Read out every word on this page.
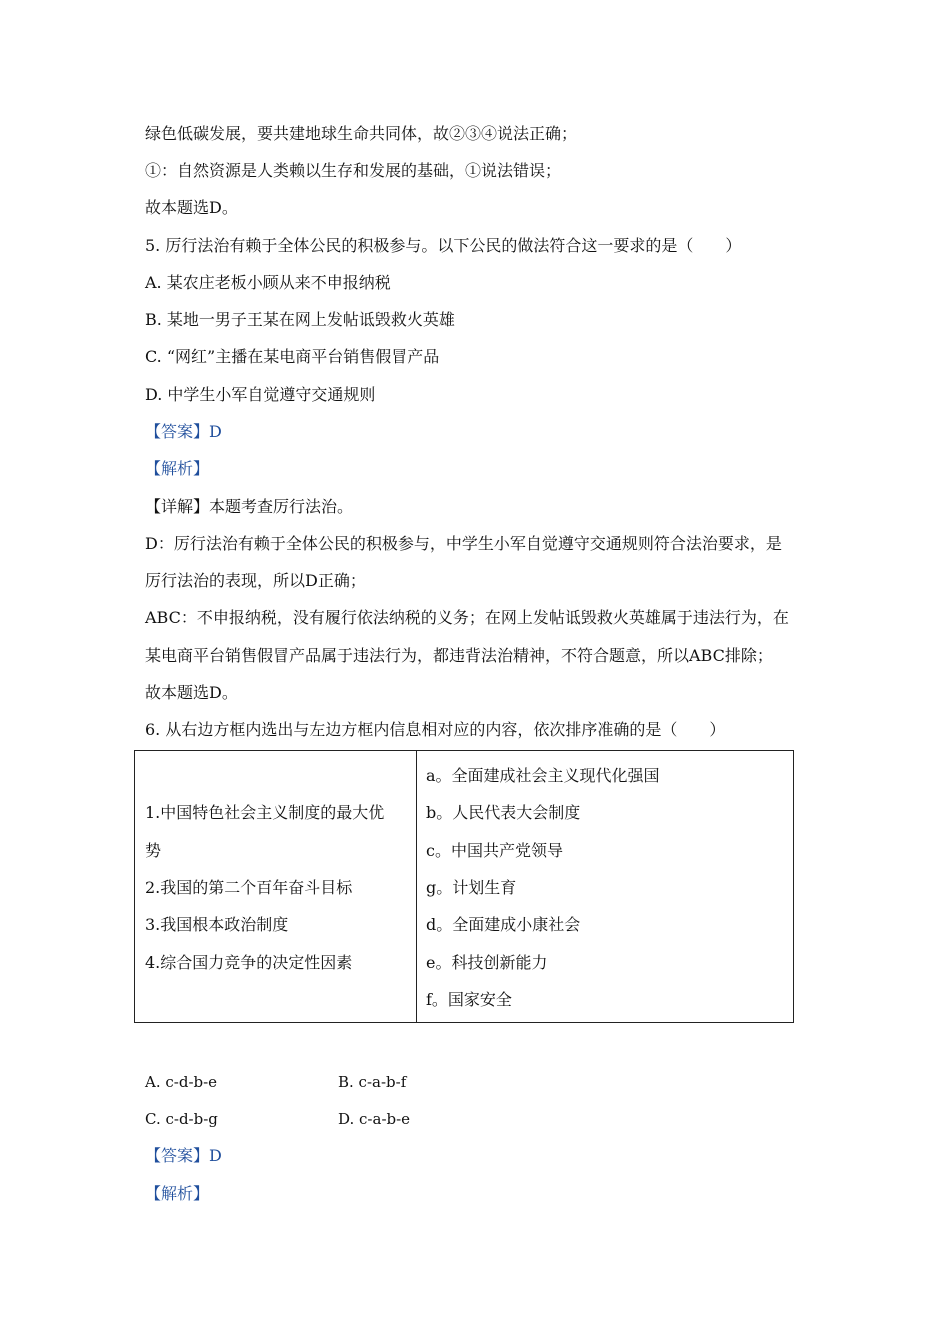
绿色低碳发展，要共建地球生命共同体，故②③④说法正确；
①：自然资源是人类赖以生存和发展的基础，①说法错误；
故本题选D。
5. 厉行法治有赖于全体公民的积极参与。以下公民的做法符合这一要求的是（　　）
A. 某农庄老板小顾从来不申报纳税
B. 某地一男子王某在网上发帖诋毁救火英雄
C. “网红”主播在某电商平台销售假冒产品
D. 中学生小军自觉遵守交通规则
【答案】D
【解析】
【详解】本题考查厉行法治。
D：厉行法治有赖于全体公民的积极参与，中学生小军自觉遵守交通规则符合法治要求，是
厉行法治的表现，所以D正确；
ABC：不申报纳税，没有履行依法纳税的义务；在网上发帖诋毁救火英雄属于违法行为，在
某电商平台销售假冒产品属于违法行为，都违背法治精神，不符合题意，所以ABC排除；
故本题选D。
6. 从右边方框内选出与左边方框内信息相对应的内容，依次排序准确的是（　　）
1.中国特色社会主义制度的最大优
势
2.我国的第二个百年奋斗目标
3.我国根本政治制度
4.综合国力竞争的决定性因素
a。全面建成社会主义现代化强国
b。人民代表大会制度
c。中国共产党领导
g。计划生育
d。全面建成小康社会
e。科技创新能力
f。国家安全
A. c-d-b-e	B. c-a-b-f
C. c-d-b-g	D. c-a-b-e
【答案】D
【解析】
